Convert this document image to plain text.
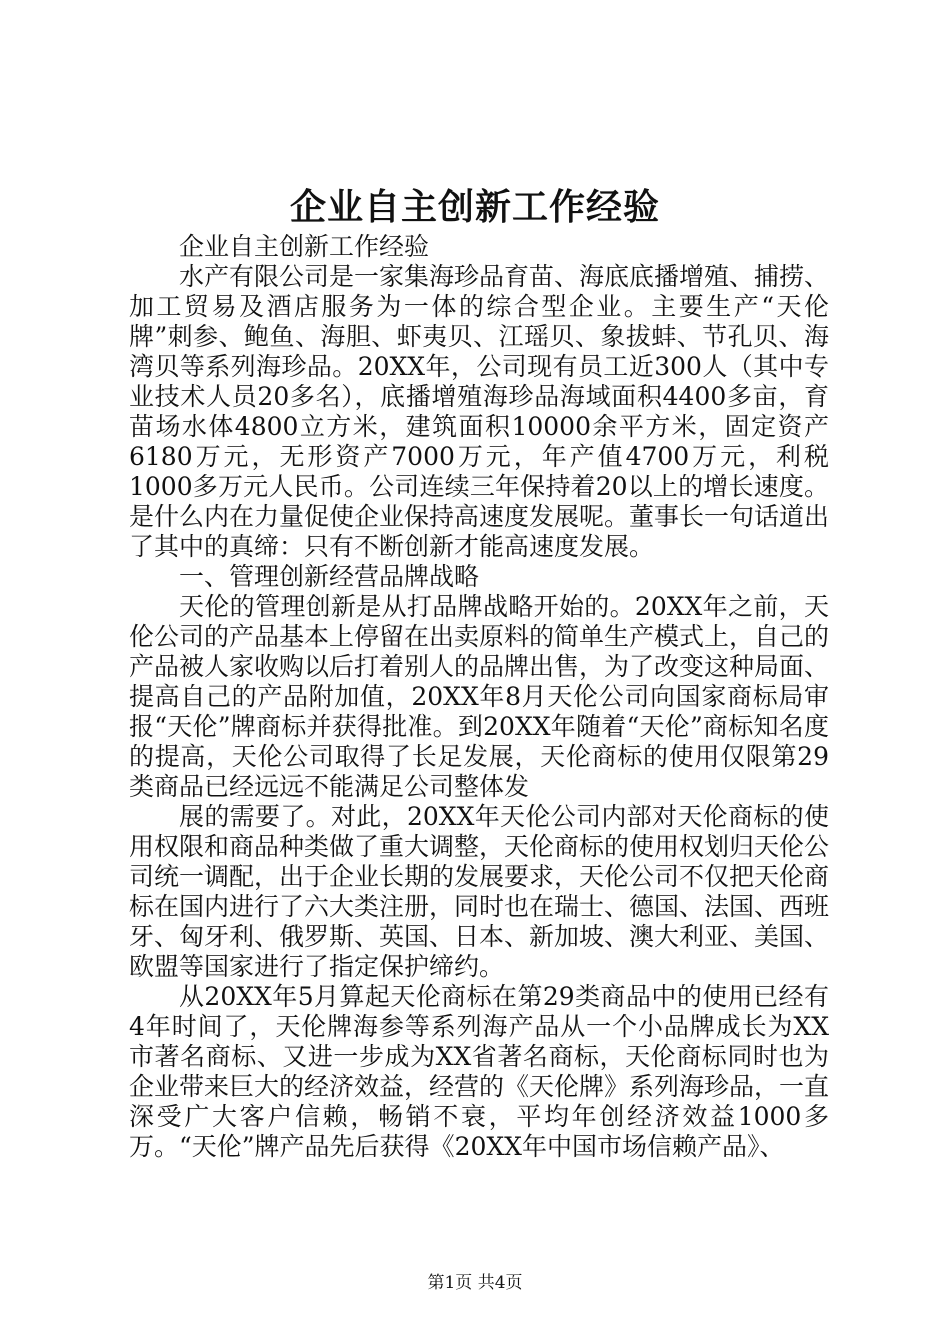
企业自主创新工作经验

企业自主创新工作经验

水产有限公司是一家集海珍品育苗、海底底播增殖、捕捞、加工贸易及酒店服务为一体的综合型企业。主要生产“天伦牌”刺参、鲍鱼、海胆、虾夷贝、江瑶贝、象拔蚌、节孔贝、海湾贝等系列海珍品。20XX年，公司现有员工近300人（其中专业技术人员20多名），底播增殖海珍品海域面积4400多亩，育苗场水体4800立方米，建筑面积10000余平方米，固定资产6180万元，无形资产7000万元，年产值4700万元，利税1000多万元人民币。公司连续三年保持着20以上的增长速度。是什么内在力量促使企业保持高速度发展呢。董事长一句话道出了其中的真缔：只有不断创新才能高速度发展。

一、管理创新经营品牌战略

天伦的管理创新是从打品牌战略开始的。20XX年之前，天伦公司的产品基本上停留在出卖原料的简单生产模式上，自己的产品被人家收购以后打着别人的品牌出售，为了改变这种局面、提高自己的产品附加值，20XX年8月天伦公司向国家商标局审报“天伦”牌商标并获得批准。到20XX年随着“天伦”商标知名度的提高，天伦公司取得了长足发展，天伦商标的使用仅限第29类商品已经远远不能满足公司整体发

展的需要了。对此，20XX年天伦公司内部对天伦商标的使用权限和商品种类做了重大调整，天伦商标的使用权划归天伦公司统一调配，出于企业长期的发展要求，天伦公司不仅把天伦商标在国内进行了六大类注册，同时也在瑞士、德国、法国、西班牙、匈牙利、俄罗斯、英国、日本、新加坡、澳大利亚、美国、欧盟等国家进行了指定保护缔约。

从20XX年5月算起天伦商标在第29类商品中的使用已经有4年时间了，天伦牌海参等系列海产品从一个小品牌成长为XX市著名商标、又进一步成为XX省著名商标，天伦商标同时也为企业带来巨大的经济效益，经营的《天伦牌》系列海珍品，一直深受广大客户信赖，畅销不衰，平均年创经济效益1000多万。“天伦”牌产品先后获得《20XX年中国市场信赖产品》、

第1页 共4页
